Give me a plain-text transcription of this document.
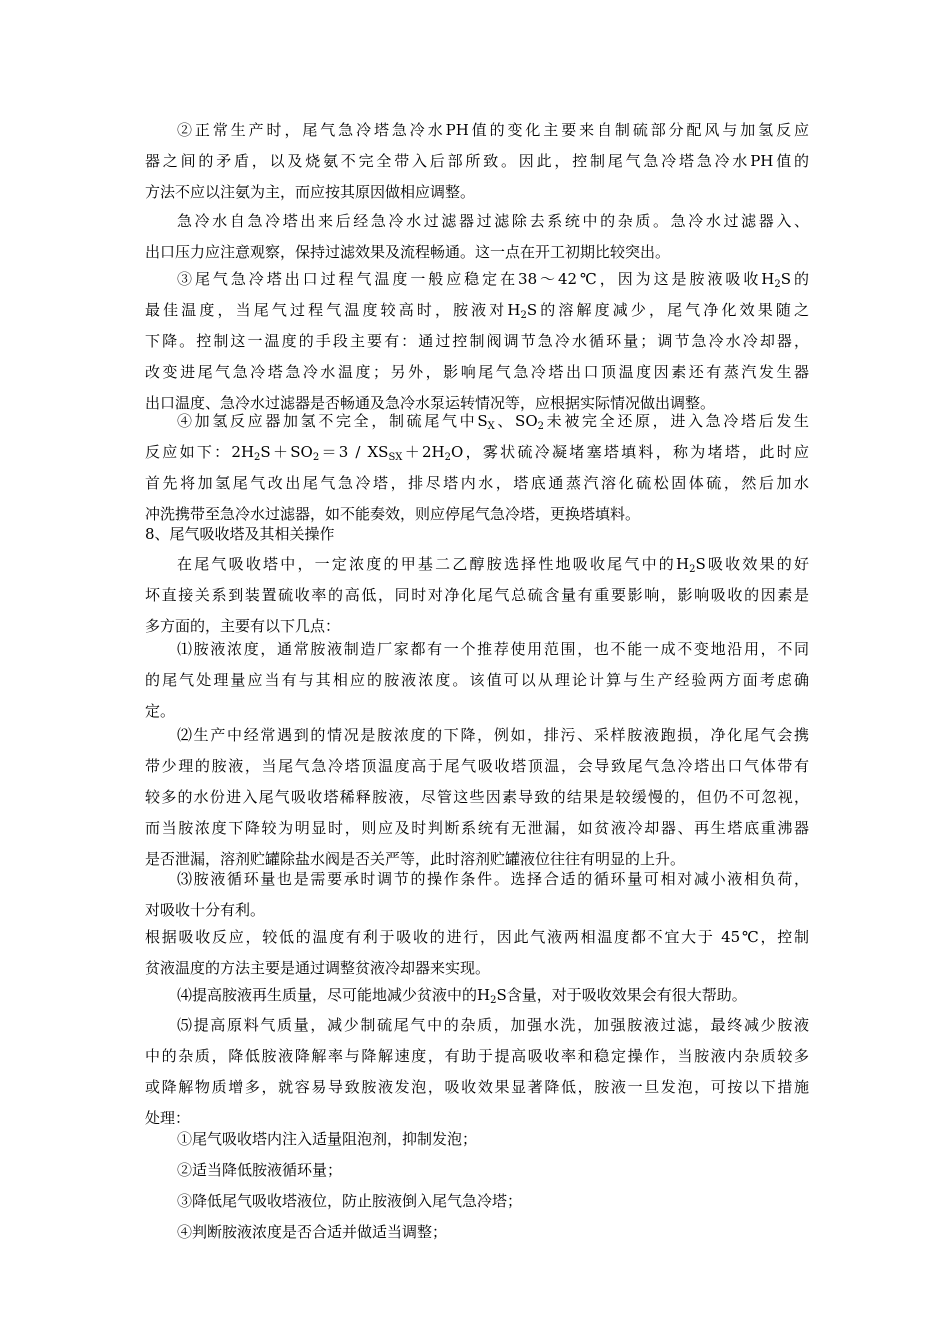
②正常生产时，尾气急冷塔急冷水PH值的变化主要来自制硫部分配风与加氢反应
器之间的矛盾，以及烧氨不完全带入后部所致。因此，控制尾气急冷塔急冷水PH值的
方法不应以注氨为主，而应按其原因做相应调整。
急冷水自急冷塔出来后经急冷水过滤器过滤除去系统中的杂质。急冷水过滤器入、
出口压力应注意观察，保持过滤效果及流程畅通。这一点在开工初期比较突出。
③尾气急冷塔出口过程气温度一般应稳定在38～42℃，因为这是胺液吸收$H_2S$的
最佳温度，当尾气过程气温度较高时，胺液对$H_2S$的溶解度减少，尾气净化效果随之
下降。控制这一温度的手段主要有：通过控制阀调节急冷水循环量；调节急冷水冷却器，
改变进尾气急冷塔急冷水温度；另外，影响尾气急冷塔出口顶温度因素还有蒸汽发生器
出口温度、急冷水过滤器是否畅通及急冷水泵运转情况等，应根据实际情况做出调整。
④加氢反应器加氢不完全，制硫尾气中$S_X$、$SO_2$未被完全还原，进入急冷塔后发生
反应如下：$2H_2S+SO_2=3 / XS_{SX}+2H_2O$，雾状硫冷凝堵塞塔填料，称为堵塔，此时应
首先将加氢尾气改出尾气急冷塔，排尽塔内水，塔底通蒸汽溶化硫松固体硫，然后加水
冲洗携带至急冷水过滤器，如不能奏效，则应停尾气急冷塔，更换塔填料。
8、尾气吸收塔及其相关操作
在尾气吸收塔中，一定浓度的甲基二乙醇胺选择性地吸收尾气中的$H_2S$吸收效果的好
坏直接关系到装置硫收率的高低，同时对净化尾气总硫含量有重要影响，影响吸收的因素是
多方面的，主要有以下几点：
⑴胺液浓度，通常胺液制造厂家都有一个推荐使用范围，也不能一成不变地沿用，不同
的尾气处理量应当有与其相应的胺液浓度。该值可以从理论计算与生产经验两方面考虑确
定。
⑵生产中经常遇到的情况是胺浓度的下降，例如，排污、采样胺液跑损，净化尾气会携
带少理的胺液，当尾气急冷塔顶温度高于尾气吸收塔顶温，会导致尾气急冷塔出口气体带有
较多的水份进入尾气吸收塔稀释胺液，尽管这些因素导致的结果是较缓慢的，但仍不可忽视，
而当胺浓度下降较为明显时，则应及时判断系统有无泄漏，如贫液冷却器、再生塔底重沸器
是否泄漏，溶剂贮罐除盐水阀是否关严等，此时溶剂贮罐液位往往有明显的上升。
⑶胺液循环量也是需要承时调节的操作条件。选择合适的循环量可相对减小液相负荷，
对吸收十分有利。
根据吸收反应，较低的温度有利于吸收的进行，因此气液两相温度都不宜大于 45℃，控制
贫液温度的方法主要是通过调整贫液冷却器来实现。
⑷提高胺液再生质量，尽可能地减少贫液中的$H_2S$含量，对于吸收效果会有很大帮助。
⑸提高原料气质量，减少制硫尾气中的杂质，加强水洗，加强胺液过滤，最终减少胺液
中的杂质，降低胺液降解率与降解速度，有助于提高吸收率和稳定操作，当胺液内杂质较多
或降解物质增多，就容易导致胺液发泡，吸收效果显著降低，胺液一旦发泡，可按以下措施
处理：
①尾气吸收塔内注入适量阻泡剂，抑制发泡；
②适当降低胺液循环量；
③降低尾气吸收塔液位，防止胺液倒入尾气急冷塔；
④判断胺液浓度是否合适并做适当调整；
